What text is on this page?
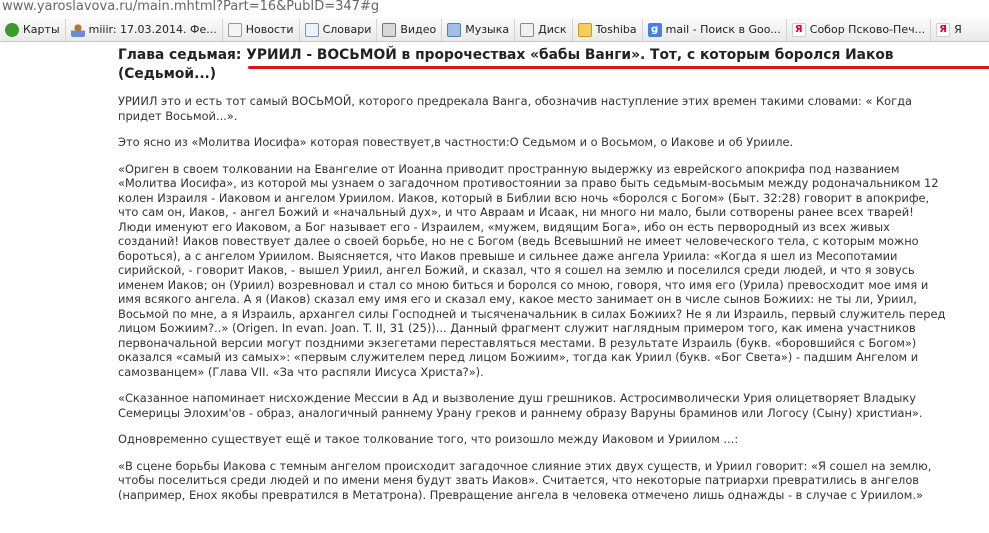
www.yaroslavova.ru/main.mhtml?Part=16&PubID=347#g
Карты	miiir: 17.03.2014. Фе...	Новости	Словари	Видео	Музыка	Диск	Toshiba	g mail - Поиск в Goo...	Я Собор Псково-Печ...	Я Я
Глава седьмая: УРИИЛ - ВОСЬМОЙ в пророчествах «бабы Ванги». Тот, с которым боролся Иаков (Седьмой...)

УРИИЛ это и есть тот самый ВОСЬМОЙ, которого предрекала Ванга, обозначив наступление этих времен такими словами: « Когда придет Восьмой...».

Это ясно из «Молитва Иосифа» которая повествует,в частности:О Седьмом и о Восьмом, о Иакове и об Уриилe.

«Ориген в своем толковании на Евангелие от Иоанна приводит пространную выдержку из еврейского апокрифа под названием «Молитва Иосифа», из которой мы узнаем о загадочном противостоянии за право быть седьмым-восьмым между родоначальником 12 колен Израиля - Иаковом и ангелом Уриилом. Иаков, который в Библии всю ночь «боролся с Богом» (Быт. 32:28) говорит в апокрифе, что сам он, Иаков, - ангел Божий и «начальный дух», и что Авраам и Исаак, ни много ни мало, были сотворены ранее всех тварей! Люди именуют его Иаковом, а Бог называет его - Израилем, «мужем, видящим Бога», ибо он есть первородный из всех живых созданий! Иаков повествует далее о своей борьбе, но не с Богом (ведь Всевышний не имеет человеческого тела, с которым можно бороться), а с ангелом Уриилом. Выясняется, что Иаков превыше и сильнее даже ангела Уриила: «Когда я шел из Месопотамии сирийской, - говорит Иаков, - вышел Уриил, ангел Божий, и сказал, что я сошел на землю и поселился среди людей, и что я зовусь именем Иаков; он (Уриил) возревновал и стал со мною биться и боролся со мною, говоря, что имя его (Урила) превосходит мое имя и имя всякого ангела. А я (Иаков) сказал ему имя его и сказал ему, какое место занимает он в числе сынов Божиих: не ты ли, Уриил, Восьмой по мне, а я Израиль, архангел силы Господней и тысяченачальник в силах Божиих? Не я ли Израиль, первый служитель перед лицом Божиим?..» (Origen. In evan. Joan. T. II, 31 (25))... Данный фрагмент служит наглядным примером того, как имена участников первоначальной версии могут поздними экзегетами переставляться местами. В результате Израиль (букв. «боровшийся с Богом») оказался «самый из самых»: «первым служителем перед лицом Божиим», тогда как Уриил (букв. «Бог Света») - падшим Ангелом и самозванцем» (Глава VII. «За что распяли Иисуса Христа?»).

«Сказанное напоминает нисхождение Мессии в Ад и вызволение душ грешников. Астросимволически Урия олицетворяет Владыку Семерицы Элохим'ов - образ, аналогичный раннему Урану греков и раннему образу Варуны браминов или Логосу (Сыну) христиан».

Одновременно существует ещё и такое толкование того, что роизошло между Иаковом и Уриилом ...:

«В сцене борьбы Иакова с темным ангелом происходит загадочное слияние этих двух существ, и Уриил говорит: «Я сошел на землю, чтобы поселиться среди людей и по имени меня будут звать Иаков». Считается, что некоторые патриархи превратились в ангелов (например, Енох якобы превратился в Метатрона). Превращение ангела в человека отмечено лишь однажды - в случае с Уриилом.»
